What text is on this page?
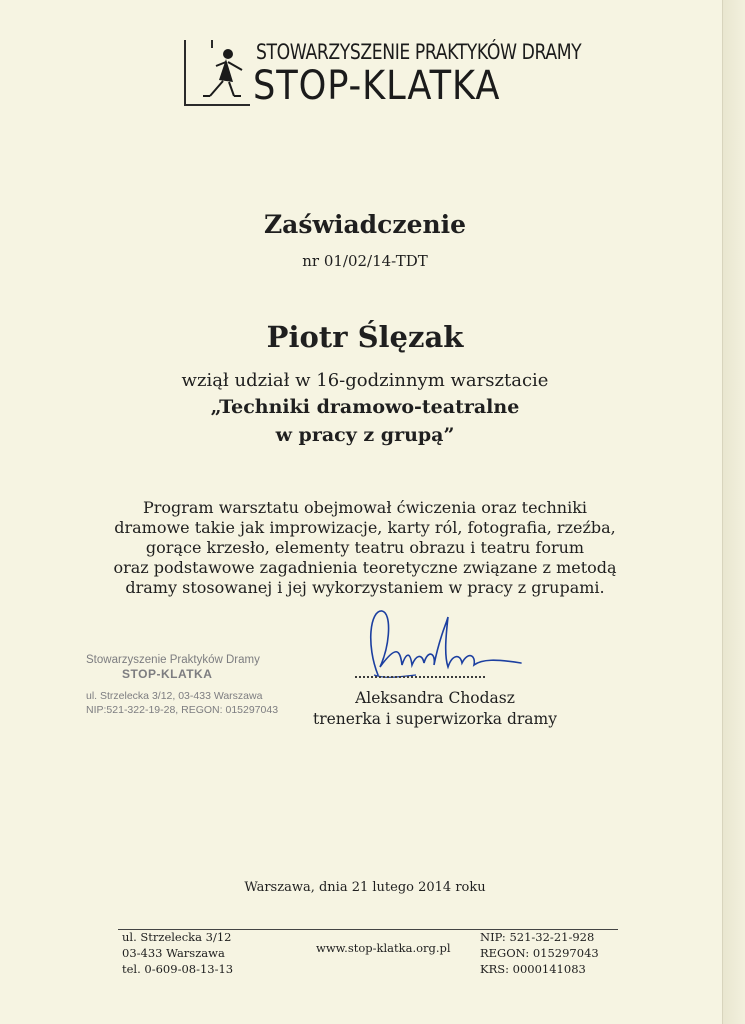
STOWARZYSZENIE PRAKTYKÓW DRAMY
STOP-KLATKA
Zaświadczenie
nr 01/02/14-TDT
Piotr Ślęzak
wziął udział w 16-godzinnym warsztacie
„Techniki dramowo-teatralne
w pracy z grupą”
Program warsztatu obejmował ćwiczenia oraz techniki
dramowe takie jak improwizacje, karty ról, fotografia, rzeźba,
gorące krzesło, elementy teatru obrazu i teatru forum
oraz podstawowe zagadnienia teoretyczne związane z metodą
dramy stosowanej i jej wykorzystaniem w pracy z grupami.
Stowarzyszenie Praktyków Dramy
STOP-KLATKA
ul. Strzelecka 3/12, 03-433 Warszawa
NIP:521-322-19-28, REGON: 015297043
Aleksandra Chodasz
trenerka i superwizorka dramy
Warszawa, dnia 21 lutego 2014 roku
ul. Strzelecka 3/12
03-433 Warszawa
tel. 0-609-08-13-13
www.stop-klatka.org.pl
NIP: 521-32-21-928
REGON: 015297043
KRS: 0000141083
